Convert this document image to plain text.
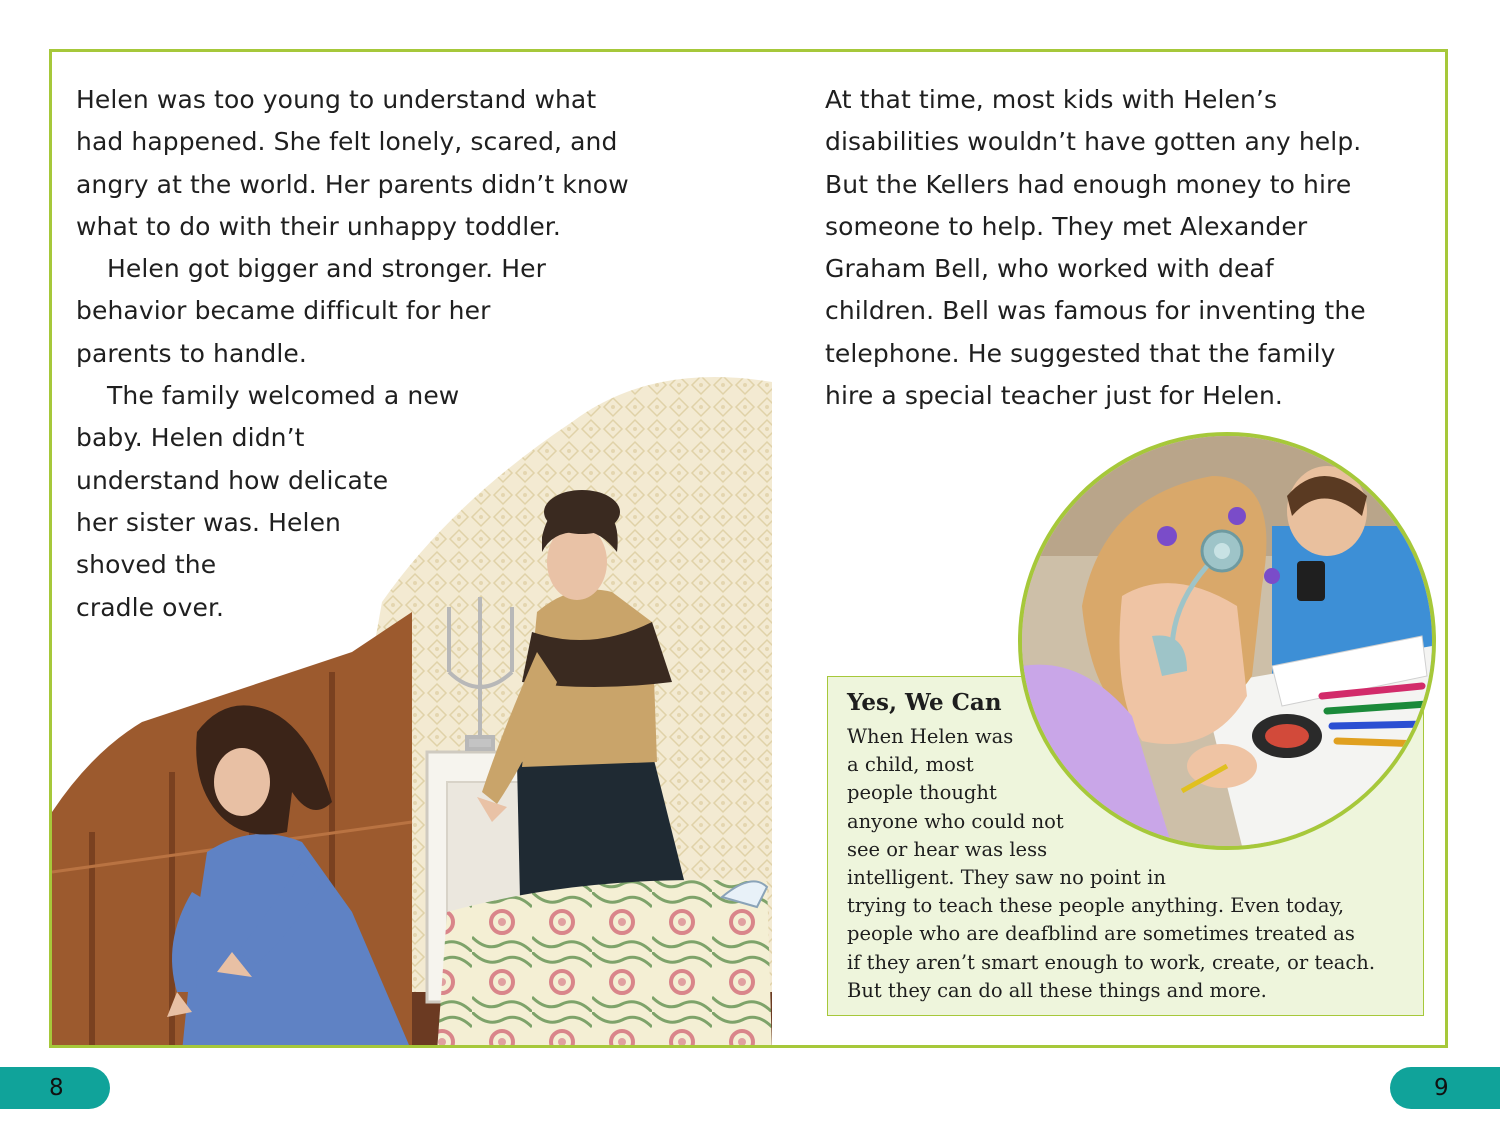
Helen was too young to understand what
had happened. She felt lonely, scared, and
angry at the world. Her parents didn’t know
what to do with their unhappy toddler.
Helen got bigger and stronger. Her
behavior became difficult for her
parents to handle.
The family welcomed a new
baby. Helen didn’t
understand how delicate
her sister was. Helen
shoved the
cradle over.
At that time, most kids with Helen’s
disabilities wouldn’t have gotten any help.
But the Kellers had enough money to hire
someone to help. They met Alexander
Graham Bell, who worked with deaf
children. Bell was famous for inventing the
telephone. He suggested that the family
hire a special teacher just for Helen.
Yes, We Can
When Helen was
a child, most
people thought
anyone who could not
see or hear was less
intelligent. They saw no point in
trying to teach these people anything. Even today,
people who are deafblind are sometimes treated as
if they aren’t smart enough to work, create, or teach.
But they can do all these things and more.
8	9
